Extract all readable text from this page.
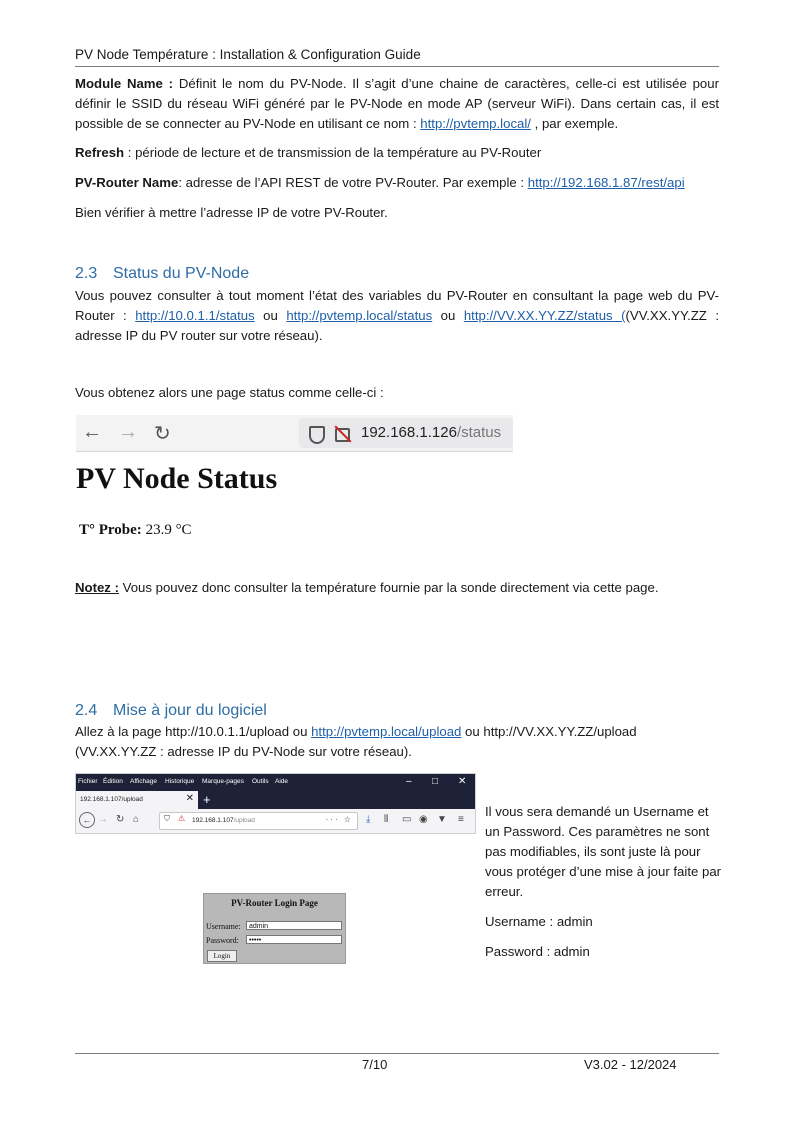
PV Node Température : Installation & Configuration Guide

Module Name : Définit le nom du PV-Node. Il s’agit d’une chaine de caractères, celle-ci est utilisée pour définir le SSID du réseau WiFi généré par le PV-Node en mode AP (serveur WiFi). Dans certain cas, il est possible de se connecter au PV-Node en utilisant ce nom : http://pvtemp.local/ , par exemple.

Refresh : période de lecture et de transmission de la température au PV-Router

PV-Router Name: adresse de l’API REST de votre PV-Router. Par exemple : http://192.168.1.87/rest/api

Bien vérifier à mettre l’adresse IP de votre PV-Router.

2.3 Status du PV-Node

Vous pouvez consulter à tout moment l’état des variables du PV-Router en consultant la page web du PV-Router : http://10.0.1.1/status ou http://pvtemp.local/status ou http://VV.XX.YY.ZZ/status ((VV.XX.YY.ZZ : adresse IP du PV router sur votre réseau).

Vous obtenez alors une page status comme celle-ci :
← → ↻	192.168.1.126/status
PV Node Status
T° Probe: 23.9 °C
Notez : Vous pouvez donc consulter la température fournie par la sonde directement via cette page.
2.4 Mise à jour du logiciel

Allez à la page http://10.0.1.1/upload ou http://pvtemp.local/upload ou http://VV.XX.YY.ZZ/upload (VV.XX.YY.ZZ : adresse IP du PV-Node sur votre réseau).

Fichier Édition Affichage Historique Marque-pages Outils Aide	– □ ✕
192.168.1.107/upload	✕ +
← → ↻ ⌂	⛉ ⚠ 192.168.1.107/upload	··· ☆ ⤓ ⫴ ▭ ◉ ▼ ≡
PV-Router Login Page
Username:	admin
Password:	•••••
Login

Il vous sera demandé un Username et un Password. Ces paramètres ne sont pas modifiables, ils sont juste là pour vous protéger d’une mise à jour faite par erreur.

Username : admin

Password : admin

7/10	V3.02 - 12/2024
